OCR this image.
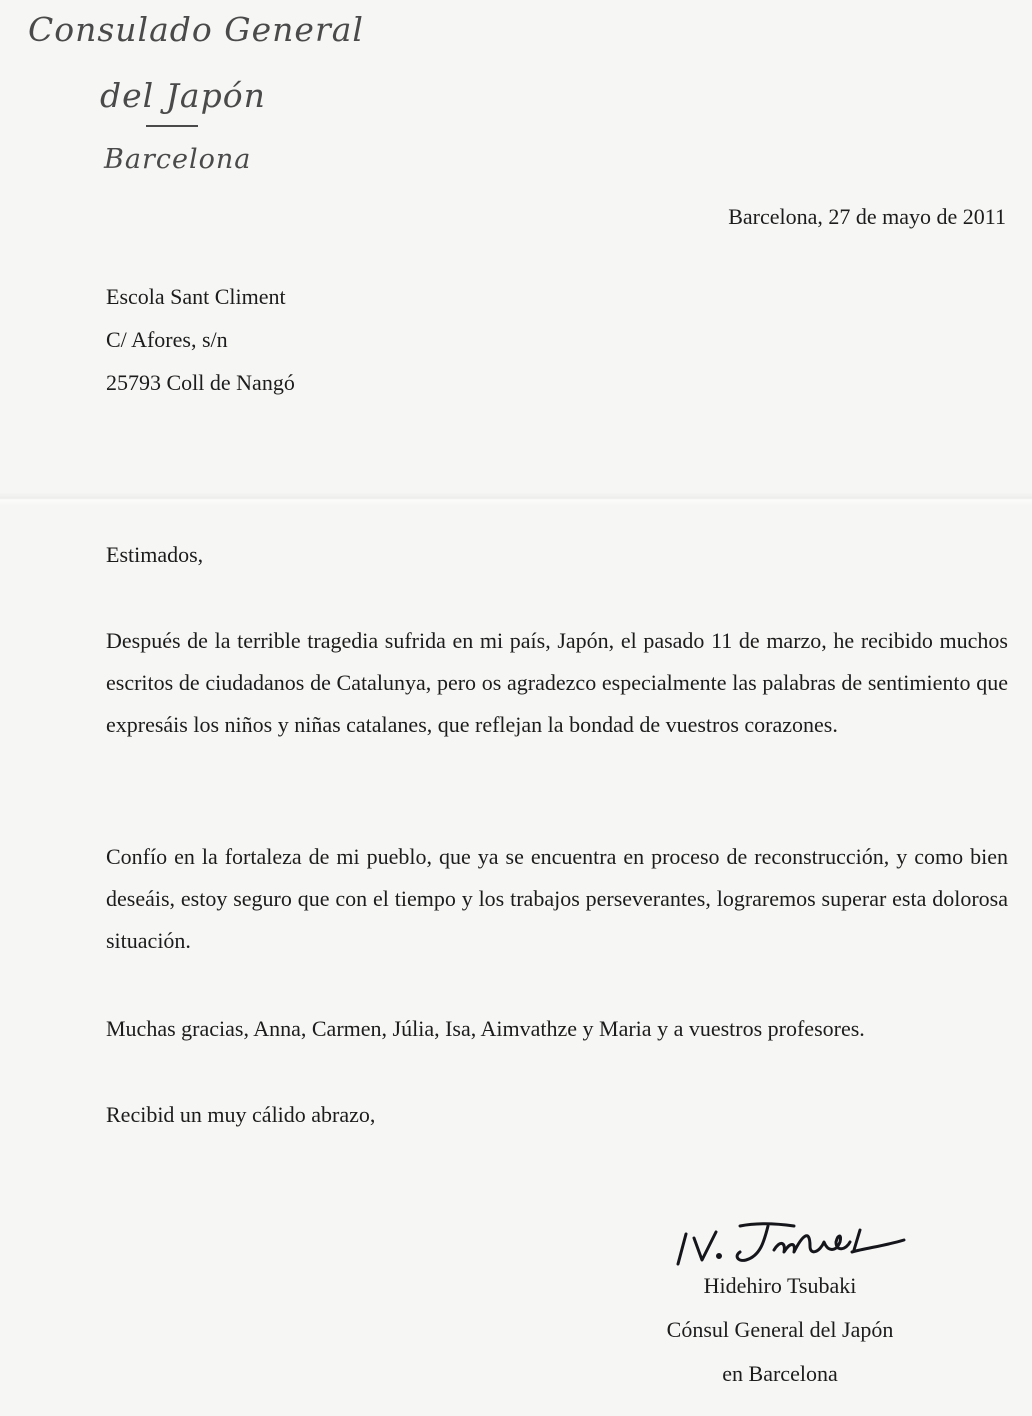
Consulado General
del Japón
Barcelona
Barcelona, 27 de mayo de 2011
Escola Sant Climent
C/ Afores, s/n
25793 Coll de Nangó
Estimados,
Después de la terrible tragedia sufrida en mi país, Japón, el pasado 11 de marzo, he recibido muchos escritos de ciudadanos de Catalunya, pero os agradezco especialmente las palabras de sentimiento que expresáis los niños y niñas catalanes, que reflejan la bondad de vuestros corazones.
Confío en la fortaleza de mi pueblo, que ya se encuentra en proceso de reconstrucción, y como bien deseáis, estoy seguro que con el tiempo y los trabajos perseverantes, lograremos superar esta dolorosa situación.
Muchas gracias, Anna, Carmen, Júlia, Isa, Aimvathze y Maria y a vuestros profesores.
Recibid un muy cálido abrazo,
Hidehiro Tsubaki
Cónsul General del Japón
en Barcelona
